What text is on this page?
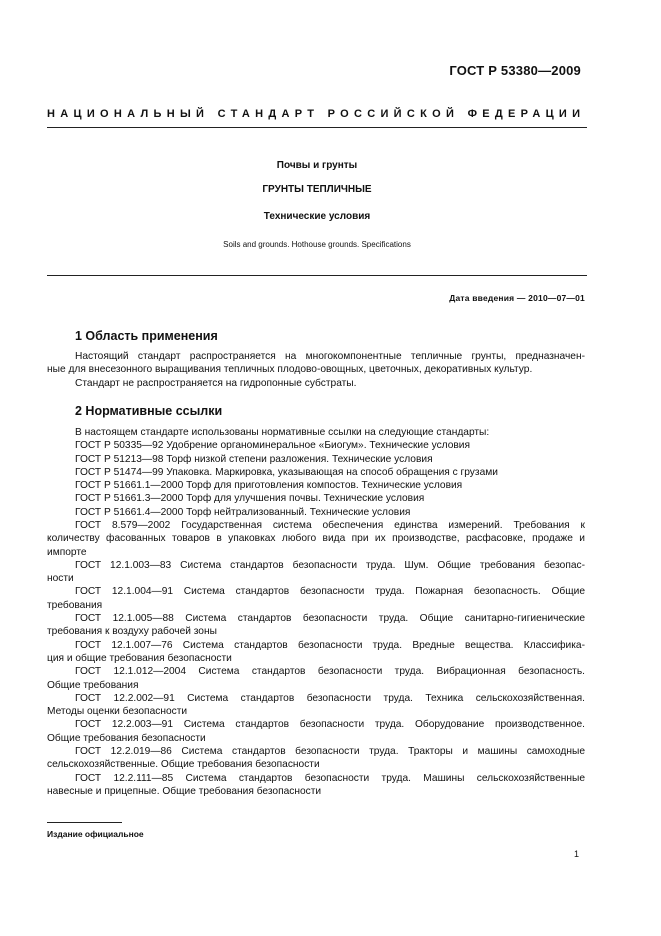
ГОСТ Р 53380—2009
НАЦИОНАЛЬНЫЙ СТАНДАРТ РОССИЙСКОЙ ФЕДЕРАЦИИ
Почвы и грунты
ГРУНТЫ ТЕПЛИЧНЫЕ
Технические условия
Soils and grounds. Hothouse grounds. Specifications
Дата введения — 2010—07—01
1 Область применения
Настоящий стандарт распространяется на многокомпонентные тепличные грунты, предназначен-
ные для внесезонного выращивания тепличных плодово-овощных, цветочных, декоративных культур.
Стандарт не распространяется на гидропонные субстраты.
2 Нормативные ссылки
В настоящем стандарте использованы нормативные ссылки на следующие стандарты:
ГОСТ Р 50335—92 Удобрение органоминеральное «Биогум». Технические условия
ГОСТ Р 51213—98 Торф низкой степени разложения. Технические условия
ГОСТ Р 51474—99 Упаковка. Маркировка, указывающая на способ обращения с грузами
ГОСТ Р 51661.1—2000 Торф для приготовления компостов. Технические условия
ГОСТ Р 51661.3—2000 Торф для улучшения почвы. Технические условия
ГОСТ Р 51661.4—2000 Торф нейтрализованный. Технические условия
ГОСТ 8.579—2002 Государственная система обеспечения единства измерений. Требования к
количеству фасованных товаров в упаковках любого вида при их производстве, расфасовке, продаже и
импорте
ГОСТ 12.1.003—83 Система стандартов безопасности труда. Шум. Общие требования безопас-
ности
ГОСТ 12.1.004—91 Система стандартов безопасности труда. Пожарная безопасность. Общие
требования
ГОСТ 12.1.005—88 Система стандартов безопасности труда. Общие санитарно-гигиенические
требования к воздуху рабочей зоны
ГОСТ 12.1.007—76 Система стандартов безопасности труда. Вредные вещества. Классифика-
ция и общие требования безопасности
ГОСТ 12.1.012—2004 Система стандартов безопасности труда. Вибрационная безопасность.
Общие требования
ГОСТ 12.2.002—91 Система стандартов безопасности труда. Техника сельскохозяйственная.
Методы оценки безопасности
ГОСТ 12.2.003—91 Система стандартов безопасности труда. Оборудование производственное.
Общие требования безопасности
ГОСТ 12.2.019—86 Система стандартов безопасности труда. Тракторы и машины самоходные
сельскохозяйственные. Общие требования безопасности
ГОСТ 12.2.111—85 Система стандартов безопасности труда. Машины сельскохозяйственные
навесные и прицепные. Общие требования безопасности
Издание официальное
1
